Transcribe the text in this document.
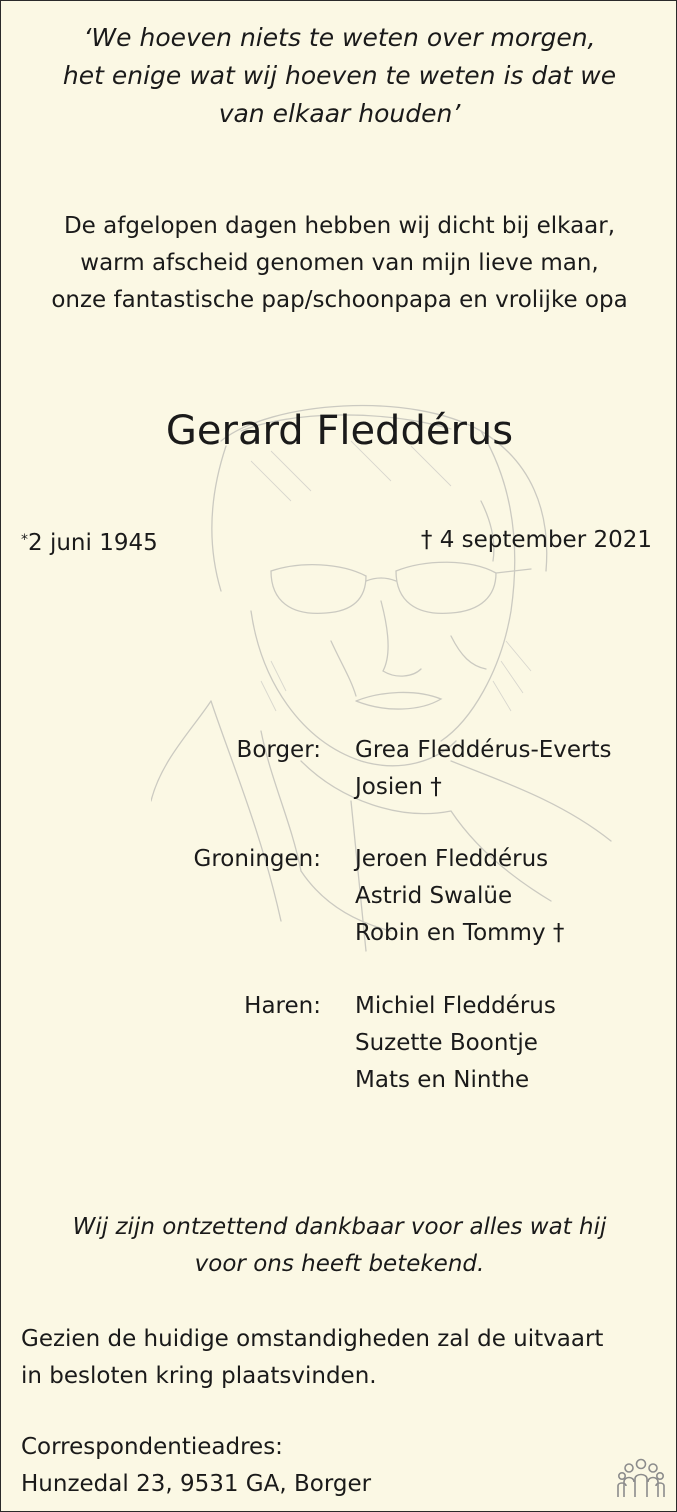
‘We hoeven niets te weten over morgen,
het enige wat wij hoeven te weten is dat we
van elkaar houden’
De afgelopen dagen hebben wij dicht bij elkaar,
warm afscheid genomen van mijn lieve man,
onze fantastische pap/schoonpapa en vrolijke opa
Gerard Fleddérus
*2 juni 1945	† 4 september 2021
Borger: Grea Fleddérus-Everts
Josien †
Groningen: Jeroen Fleddérus
Astrid Swalüe
Robin en Tommy †
Haren: Michiel Fleddérus
Suzette Boontje
Mats en Ninthe
Wij zijn ontzettend dankbaar voor alles wat hij
voor ons heeft betekend.
Gezien de huidige omstandigheden zal de uitvaart
in besloten kring plaatsvinden.
Correspondentieadres:
Hunzedal 23, 9531 GA, Borger
